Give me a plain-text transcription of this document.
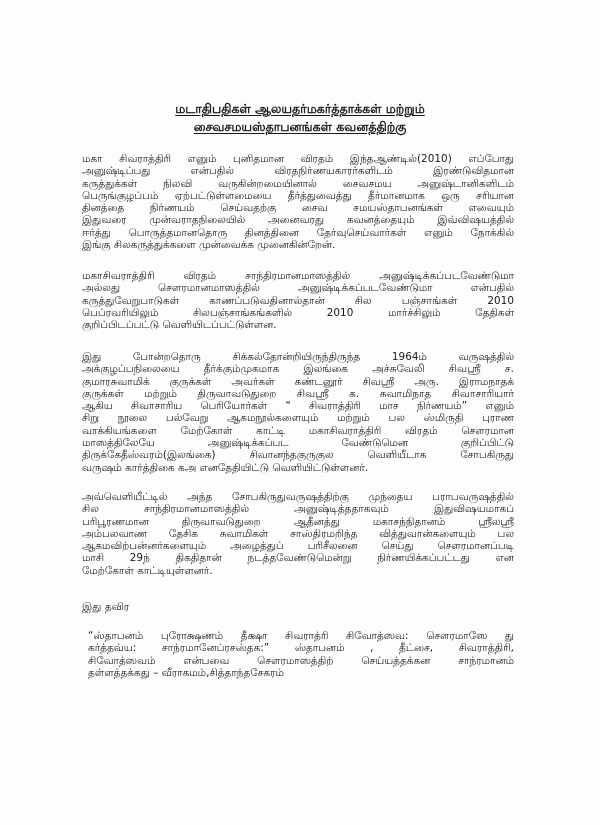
மடாதிபதிகள் ஆலயதர்மகர்த்தாக்கள் மற்றும்
சைவசமயஸ்தாபனங்கள் கவனத்திற்கு
மகா சிவராத்திரி எனும் புனிதமான விரதம் இந்தஆண்டில்(2010) எப்போது
அனுஷ்டிப்பது என்பதில் விரதநிர்ணயகாரர்களிடம் இரண்டுவிதமான
கருத்துக்கள் நிலவி வருகின்றமையினால் சைவசமய அனுஷ்டானிகளிடம்
பெருங்குழப்பம் ஏற்பட்டுள்ளமையை தீர்த்துவைத்து தீர்மானமாக ஒரு சரியான
தினத்தை நிர்ணயம் செய்வதற்கு சைவ சமயஸ்தாபனங்கள் எவையும்
இதுவரை முன்வராதநிலையில் அனைவரது கவனத்தையும் இவ்விஷயத்தில்
ஈர்த்து பொருத்தமானதொரு தினத்தினை தேர்வுசெய்வார்கள் எனும் நோக்கில்
இங்கு சிலகருத்துக்களை முன்வைக்க முனைகின்றேன்.
மகாசிவராத்திரி விரதம் சாந்திரமானமாஸத்தில் அனுஷ்டிக்கப்படவேண்டுமா
அல்லது சௌரமானமாஸத்தில் அனுஷ்டிக்கப்படவேண்டுமா என்பதில்
கருத்துவேறுபாடுகள் காணப்படுவதினால்தான் சில பஞ்சாங்கள் 2010
பெப்ரவரியிலும் சிலபஞ்சாங்கங்களில் 2010 மார்ச்சிலும் தேதிகள்
குறிப்பிடப்பட்டு வெளியிடப்பட்டுள்ளன.
இது போன்றதொரு சிக்கல்தோன்றியிருந்திருந்த 1964ம் வருஷத்தில்
அக்குழப்பநிலையை தீர்க்கும்முகமாக இலங்கை அச்சுவேலி சிவஸ்ரீ ச.
குமாரசுவாமிக் குருக்கள் அவர்கள் கண்டனூர் சிவஸ்ரீ அரு. இராமநாதக்
குருக்கள் மற்றும் திருவாவடுதுறை சிவஸ்ரீ க. சுவாமிநாத சிவாசாரியார்
ஆகிய சிவாசாரிய பெரியோர்கள் “ சிவராத்திரி மாச நிர்ணயம்” எனும்
சிறு நூலை பல்வேறு ஆகமநூல்களையும் மற்றும் பல ஸ்மிருதி புராண
வாக்கியங்களை மேற்கோள் காட்டி மகாசிவராத்திரி விரதம் சௌரமான
மாஸத்திலேயே அனுஷ்டிக்கப்பட வேண்டுமென குறிப்பிட்டு
திருக்கேதீஸ்வரம்(இலங்கை) சிவானந்தகுருகுல வெளியீடாக சோபகிருது
வருஷம் கார்த்திகை கஅ எனதேதியிட்டு வெளியிட்டுள்ளனர்.
அவ்வெளியீட்டில் அந்த சோபகிருதுவருஷத்திற்கு முந்தைய பராபவருஷத்தில்
சில சாந்திரமானமாஸத்தில் அனுஷ்டித்ததாகவும் இதுவிஷயமாகப்
பரிபூரணமான திருவாவடுதுறை ஆதீனத்து மகாசந்நிதானம் ஸ்ரீலஸ்ரீ
அம்பலவாண தேசிக சுவாமிகள் சாஸ்திரமறிந்த வித்துவான்களையும் பல
ஆகமவிற்பன்னர்களையும் அழைத்துப் பரிசீலனை செய்து சௌரமானப்படி
மாசி 29ந் திகதிதான் நடத்தவேண்டுமென்று நிர்ணயிக்கப்பட்டது என
மேற்கோள் காட்டியுள்ளனர்.
இது தவிர
“ஸ்தாபனம் புரோக்ஷணம் தீக்ஷா சிவராத்ரி சிவோத்ஸவ: சௌரமாஸே து
கர்த்தவ்ய: சாந்ரமானேப்ரசஸ்தக:” ஸ்தாபனம் , தீட்சை, சிவராத்திரி,
சிவோத்ஸவம் என்பவை சௌரமாஸத்திற் செய்யத்தக்கன சாந்ரமானம்
தள்ளத்தக்கது – வீராகமம்,சித்தாந்தசேகரம்
